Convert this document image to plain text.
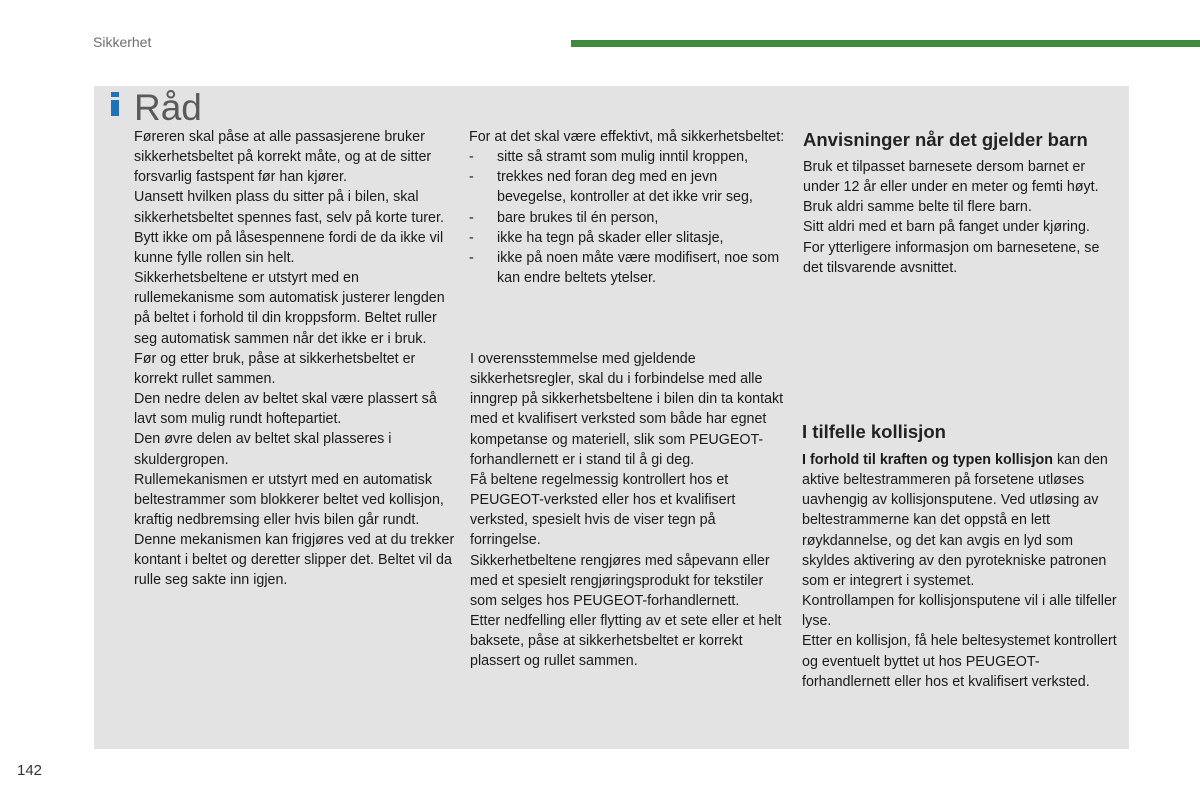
Sikkerhet
Råd

Føreren skal påse at alle passasjerene bruker sikkerhetsbeltet på korrekt måte, og at de sitter forsvarlig fastspent før han kjører.

Uansett hvilken plass du sitter på i bilen, skal sikkerhetsbeltet spennes fast, selv på korte turer.

Bytt ikke om på låsespennene fordi de da ikke vil kunne fylle rollen sin helt.

Sikkerhetsbeltene er utstyrt med en rullemekanisme som automatisk justerer lengden på beltet i forhold til din kroppsform. Beltet ruller seg automatisk sammen når det ikke er i bruk.

Før og etter bruk, påse at sikkerhetsbeltet er korrekt rullet sammen.

Den nedre delen av beltet skal være plassert så lavt som mulig rundt hoftepartiet.

Den øvre delen av beltet skal plasseres i skuldergropen.

Rullemekanismen er utstyrt med en automatisk beltestrammer som blokkerer beltet ved kollisjon, kraftig nedbremsing eller hvis bilen går rundt. Denne mekanismen kan frigjøres ved at du trekker kontant i beltet og deretter slipper det. Beltet vil da rulle seg sakte inn igjen.

For at det skal være effektivt, må sikkerhetsbeltet:

- sitte så stramt som mulig inntil kroppen,
- trekkes ned foran deg med en jevn bevegelse, kontroller at det ikke vrir seg,
- bare brukes til én person,
- ikke ha tegn på skader eller slitasje,
- ikke på noen måte være modifisert, noe som kan endre beltets ytelser.

I overensstemmelse med gjeldende sikkerhetsregler, skal du i forbindelse med alle inngrep på sikkerhetsbeltene i bilen din ta kontakt med et kvalifisert verksted som både har egnet kompetanse og materiell, slik som PEUGEOT-forhandlernett er i stand til å gi deg.

Få beltene regelmessig kontrollert hos et PEUGEOT-verksted eller hos et kvalifisert verksted, spesielt hvis de viser tegn på forringelse.

Sikkerhetbeltene rengjøres med såpevann eller med et spesielt rengjøringsprodukt for tekstiler som selges hos PEUGEOT-forhandlernett.

Etter nedfelling eller flytting av et sete eller et helt baksete, påse at sikkerhetsbeltet er korrekt plassert og rullet sammen.

Anvisninger når det gjelder barn

Bruk et tilpasset barnesete dersom barnet er under 12 år eller under en meter og femti høyt.

Bruk aldri samme belte til flere barn.

Sitt aldri med et barn på fanget under kjøring.

For ytterligere informasjon om barnesetene, se det tilsvarende avsnittet.

I tilfelle kollisjon

I forhold til kraften og typen kollisjon kan den aktive beltestrammeren på forsetene utløses uavhengig av kollisjonsputene. Ved utløsing av beltestrammerne kan det oppstå en lett røykdannelse, og det kan avgis en lyd som skyldes aktivering av den pyrotekniske patronen som er integrert i systemet.

Kontrollampen for kollisjonsputene vil i alle tilfeller lyse.

Etter en kollisjon, få hele beltesystemet kontrollert og eventuelt byttet ut hos PEUGEOT-forhandlernett eller hos et kvalifisert verksted.

142
